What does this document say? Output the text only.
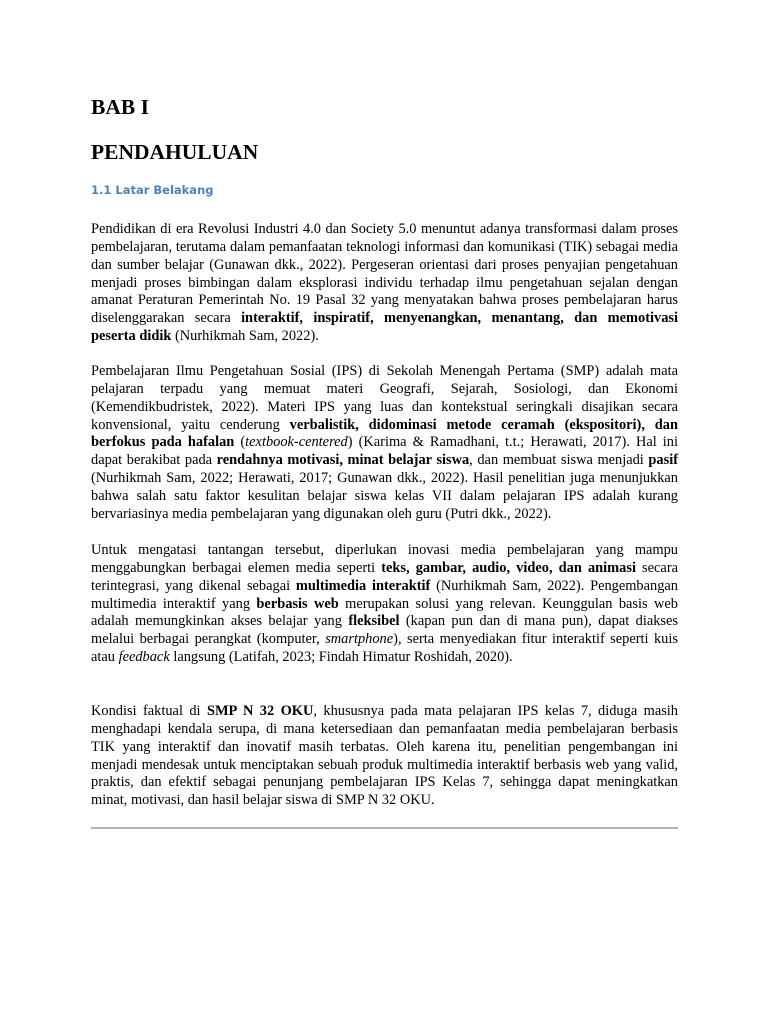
BAB I
PENDAHULUAN
1.1 Latar Belakang

Pendidikan di era Revolusi Industri 4.0 dan Society 5.0 menuntut adanya transformasi dalam proses pembelajaran, terutama dalam pemanfaatan teknologi informasi dan komunikasi (TIK) sebagai media dan sumber belajar (Gunawan dkk., 2022). Pergeseran orientasi dari proses penyajian pengetahuan menjadi proses bimbingan dalam eksplorasi individu terhadap ilmu pengetahuan sejalan dengan amanat Peraturan Pemerintah No. 19 Pasal 32 yang menyatakan bahwa proses pembelajaran harus diselenggarakan secara interaktif, inspiratif, menyenangkan, menantang, dan memotivasi peserta didik (Nurhikmah Sam, 2022).

Pembelajaran Ilmu Pengetahuan Sosial (IPS) di Sekolah Menengah Pertama (SMP) adalah mata pelajaran terpadu yang memuat materi Geografi, Sejarah, Sosiologi, dan Ekonomi (Kemendikbudristek, 2022). Materi IPS yang luas dan kontekstual seringkali disajikan secara konvensional, yaitu cenderung verbalistik, didominasi metode ceramah (ekspositori), dan berfokus pada hafalan (textbook-centered) (Karima & Ramadhani, t.t.; Herawati, 2017). Hal ini dapat berakibat pada rendahnya motivasi, minat belajar siswa, dan membuat siswa menjadi pasif (Nurhikmah Sam, 2022; Herawati, 2017; Gunawan dkk., 2022). Hasil penelitian juga menunjukkan bahwa salah satu faktor kesulitan belajar siswa kelas VII dalam pelajaran IPS adalah kurang bervariasinya media pembelajaran yang digunakan oleh guru (Putri dkk., 2022).

Untuk mengatasi tantangan tersebut, diperlukan inovasi media pembelajaran yang mampu menggabungkan berbagai elemen media seperti teks, gambar, audio, video, dan animasi secara terintegrasi, yang dikenal sebagai multimedia interaktif (Nurhikmah Sam, 2022). Pengembangan multimedia interaktif yang berbasis web merupakan solusi yang relevan. Keunggulan basis web adalah memungkinkan akses belajar yang fleksibel (kapan pun dan di mana pun), dapat diakses melalui berbagai perangkat (komputer, smartphone), serta menyediakan fitur interaktif seperti kuis atau feedback langsung (Latifah, 2023; Findah Himatur Roshidah, 2020).

Kondisi faktual di SMP N 32 OKU, khususnya pada mata pelajaran IPS kelas 7, diduga masih menghadapi kendala serupa, di mana ketersediaan dan pemanfaatan media pembelajaran berbasis TIK yang interaktif dan inovatif masih terbatas. Oleh karena itu, penelitian pengembangan ini menjadi mendesak untuk menciptakan sebuah produk multimedia interaktif berbasis web yang valid, praktis, dan efektif sebagai penunjang pembelajaran IPS Kelas 7, sehingga dapat meningkatkan minat, motivasi, dan hasil belajar siswa di SMP N 32 OKU.
